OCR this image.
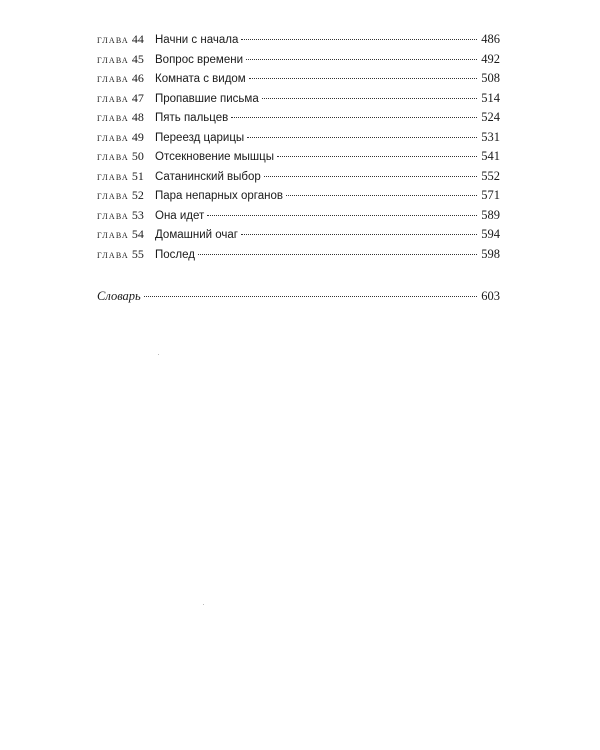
глава 44 Начни с начала	486
глава 45 Вопрос времени	492
глава 46 Комната с видом	508
глава 47 Пропавшие письма	514
глава 48 Пять пальцев	524
глава 49 Переезд царицы	531
глава 50 Отсекновение мышцы	541
глава 51 Сатанинский выбор	552
глава 52 Пара непарных органов	571
глава 53 Она идет	589
глава 54 Домашний очаг	594
глава 55 Послед	598
Словарь	603
